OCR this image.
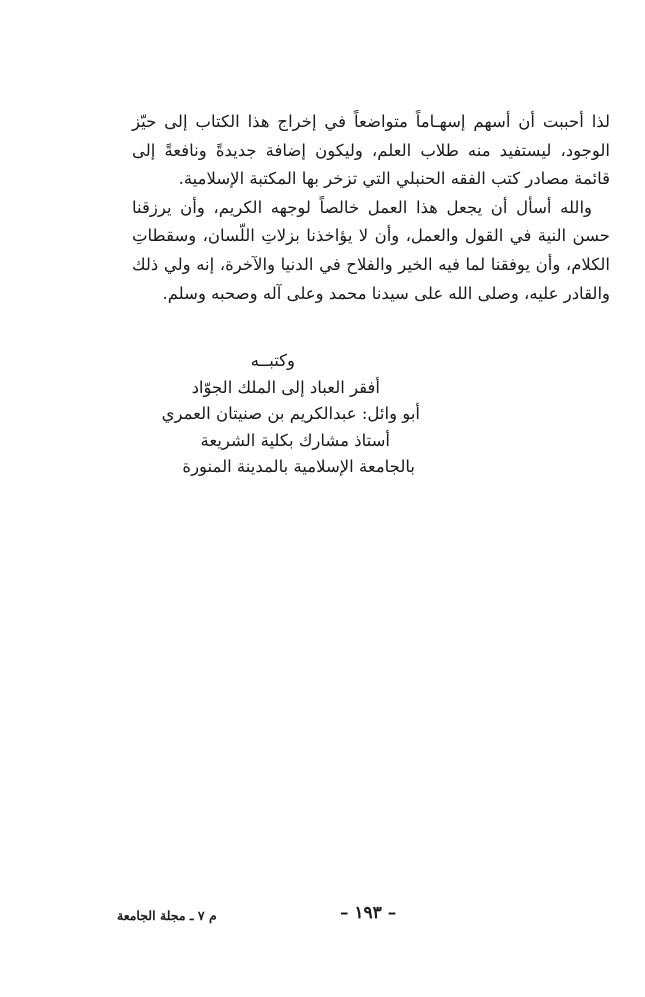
لذا أحببت أن أسهم إسهـاماً متواضعاً في إخراج هذا الكتاب إلى حيّز الوجود، ليستفيد منه طلاب العلم، وليكون إضافة جديدةً ونافعةً إلى قائمة مصادر كتب الفقه الحنبلي التي تزخر بها المكتبة الإسلامية.

والله أسأل أن يجعل هذا العمل خالصاً لوجهه الكريم، وأن يرزقنا حسن النية في القول والعمل، وأن لا يؤاخذنا بزلاتِ اللّسان، وسقطاتِ الكلام، وأن يوفقنا لما فيه الخير والفلاح في الدنيا والآخرة، إنه ولي ذلك والقادر عليه، وصلى الله على سيدنا محمد وعلى آله وصحبه وسلم.

وكتبــه
أفقر العباد إلى الملك الجوّاد
أبو وائل: عبدالكريم بن صنيتان العمري
أستاذ مشارك بكلية الشريعة
بالجامعة الإسلامية بالمدينة المنورة
م ٧ ـ مجلة الجامعة	– ١٩٣ –
